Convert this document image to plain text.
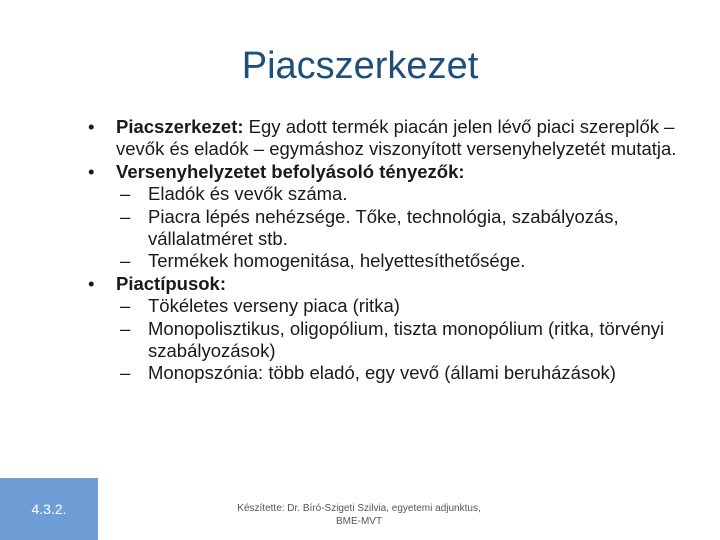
Piacszerkezet
• Piacszerkezet: Egy adott termék piacán jelen lévő piaci szereplők – vevők és eladók – egymáshoz viszonyított versenyhelyzetét mutatja.
• Versenyhelyzetet befolyásoló tényezők:
– Eladók és vevők száma.
– Piacra lépés nehézsége. Tőke, technológia, szabályozás, vállalatméret stb.
– Termékek homogenitása, helyettesíthetősége.
• Piactípusok:
– Tökéletes verseny piaca (ritka)
– Monopolisztikus, oligopólium, tiszta monopólium (ritka, törvényi szabályozások)
– Monopszónia: több eladó, egy vevő (állami beruházások)
4.3.2.	Készítette: Dr. Bíró-Szigeti Szilvia, egyetemi adjunktus, BME-MVT
